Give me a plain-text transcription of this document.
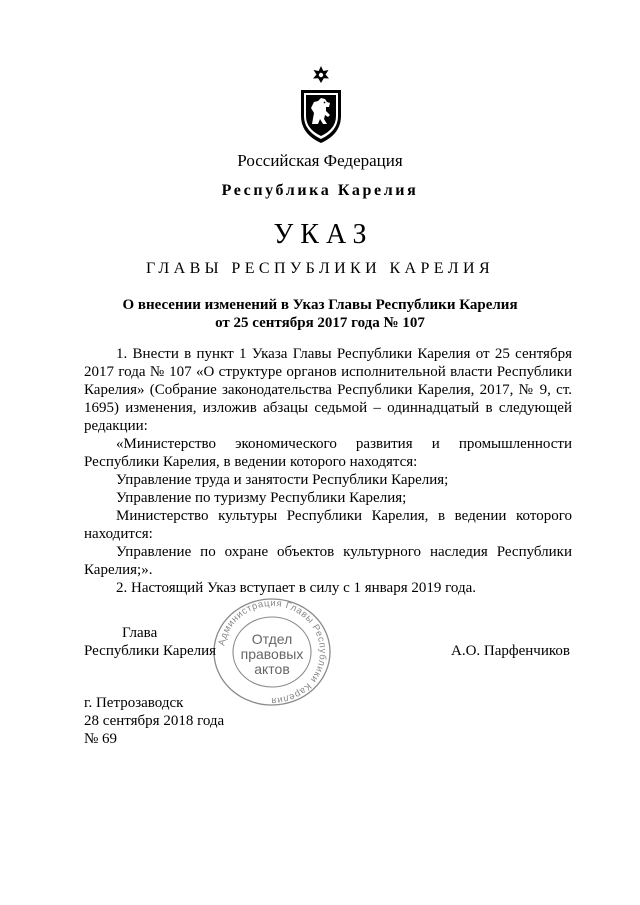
Российская Федерация
Республика Карелия
УКАЗ
ГЛАВЫ РЕСПУБЛИКИ КАРЕЛИЯ
О внесении изменений в Указ Главы Республики Карелия
от 25 сентября 2017 года № 107

1. Внести в пункт 1 Указа Главы Республики Карелия от 25 сентября 2017 года № 107 «О структуре органов исполнительной власти Республики Карелия» (Собрание законодательства Республики Карелия, 2017, № 9, ст. 1695) изменения, изложив абзацы седьмой – одиннадцатый в следующей редакции:

«Министерство экономического развития и промышленности Республики Карелия, в ведении которого находятся:

Управление труда и занятости Республики Карелия;

Управление по туризму Республики Карелия;

Министерство культуры Республики Карелия, в ведении которого находится:

Управление по охране объектов культурного наследия Республики Карелия;».

2. Настоящий Указ вступает в силу с 1 января 2019 года.

Администрация Главы Республики Карелия
Отдел
правовых
актов
Глава
Республики Карелия	А.О. Парфенчиков
г. Петрозаводск
28 сентября 2018 года
№ 69
